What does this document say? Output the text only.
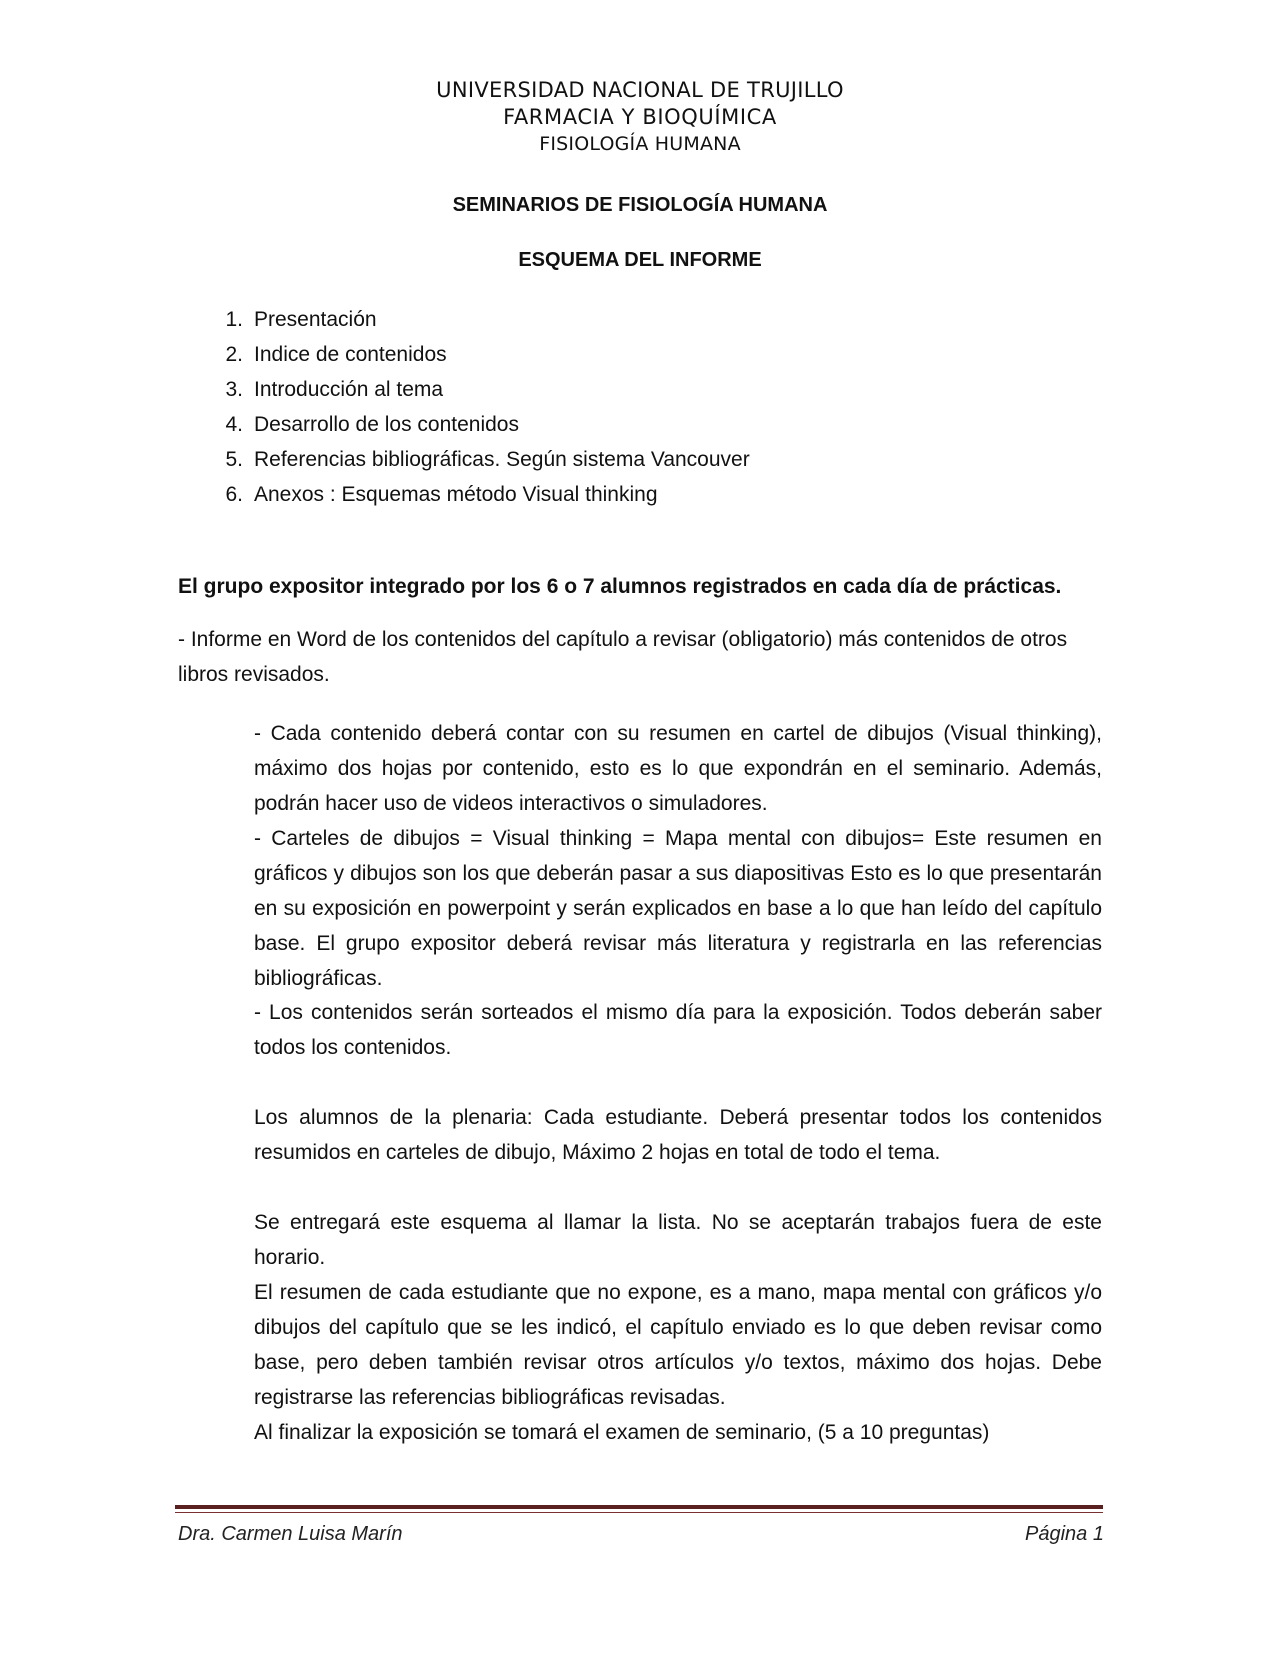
UNIVERSIDAD NACIONAL DE TRUJILLO
FARMACIA Y BIOQUÍMICA
FISIOLOGÍA HUMANA
SEMINARIOS DE FISIOLOGÍA HUMANA
ESQUEMA DEL INFORME
1. Presentación
2. Indice de contenidos
3. Introducción al tema
4. Desarrollo de los contenidos
5. Referencias bibliográficas. Según sistema Vancouver
6. Anexos : Esquemas método Visual thinking
El grupo expositor integrado por los 6 o 7 alumnos registrados en cada día de prácticas.
- Informe en Word de los contenidos del capítulo a revisar (obligatorio) más contenidos de otros libros revisados.
- Cada contenido deberá contar con su resumen en cartel de dibujos (Visual thinking), máximo dos hojas por contenido, esto es lo que expondrán en el seminario. Además, podrán hacer uso de videos interactivos o simuladores.
- Carteles de dibujos = Visual thinking = Mapa mental con dibujos= Este resumen en gráficos y dibujos son los que deberán pasar a sus diapositivas Esto es lo que presentarán en su exposición en powerpoint y serán explicados en base a lo que han leído del capítulo base. El grupo expositor deberá revisar más literatura y registrarla en las referencias bibliográficas.
- Los contenidos serán sorteados el mismo día para la exposición. Todos deberán saber todos los contenidos.
Los alumnos de la plenaria: Cada estudiante. Deberá presentar todos los contenidos resumidos en carteles de dibujo, Máximo 2 hojas en total de todo el tema.
Se entregará este esquema al llamar la lista. No se aceptarán trabajos fuera de este horario.
El resumen de cada estudiante que no expone, es a mano, mapa mental con gráficos y/o dibujos del capítulo que se les indicó, el capítulo enviado es lo que deben revisar como base, pero deben también revisar otros artículos y/o textos, máximo dos hojas. Debe registrarse las referencias bibliográficas revisadas.
Al finalizar la exposición se tomará el examen de seminario, (5 a 10 preguntas)
Dra. Carmen Luisa Marín	Página 1
